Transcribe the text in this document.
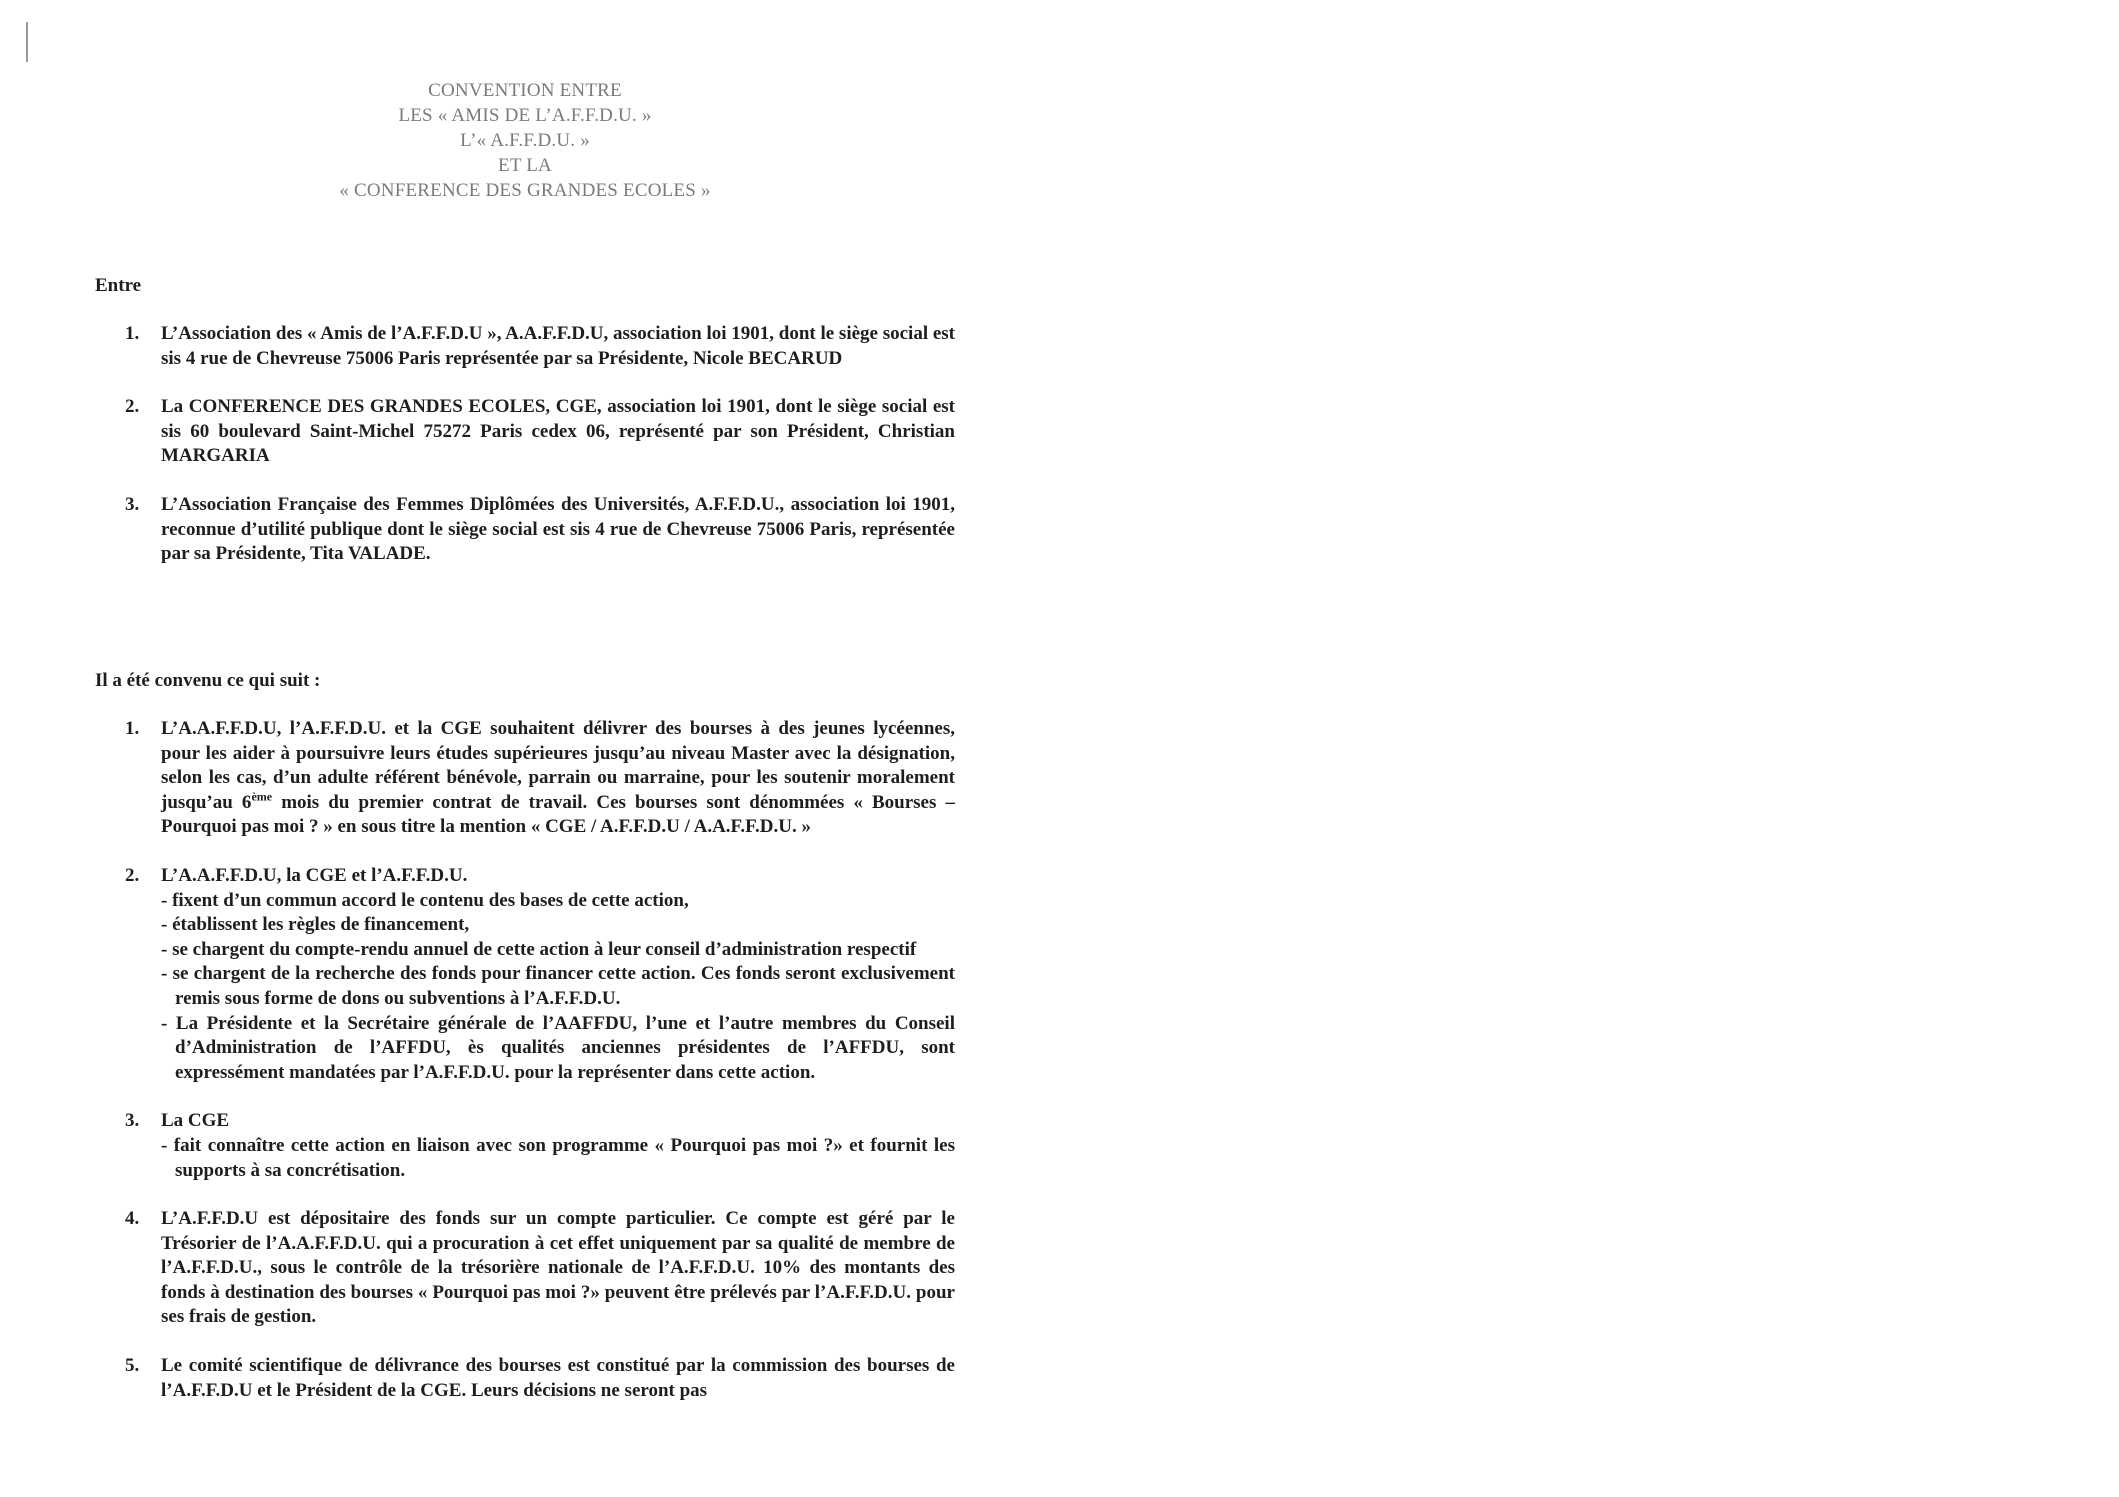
CONVENTION ENTRE
LES « AMIS DE L’A.F.F.D.U. »
L’« A.F.F.D.U. »
ET LA
« CONFERENCE DES GRANDES ECOLES »
Entre
1. L’Association des « Amis de l’A.F.F.D.U », A.A.F.F.D.U, association loi 1901, dont le siège social est sis 4 rue de Chevreuse 75006 Paris représentée par sa Présidente, Nicole BECARUD
2. La CONFERENCE DES GRANDES ECOLES, CGE, association loi 1901, dont le siège social est sis 60 boulevard Saint-Michel 75272 Paris cedex 06, représenté par son Président, Christian MARGARIA
3. L’Association Française des Femmes Diplômées des Universités, A.F.F.D.U., association loi 1901, reconnue d’utilité publique dont le siège social est sis 4 rue de Chevreuse 75006 Paris, représentée par sa Présidente, Tita VALADE.
Il a été convenu ce qui suit :
1. L’A.A.F.F.D.U, l’A.F.F.D.U. et la CGE souhaitent délivrer des bourses à des jeunes lycéennes, pour les aider à poursuivre leurs études supérieures jusqu’au niveau Master avec la désignation, selon les cas, d’un adulte référent bénévole, parrain ou marraine, pour les soutenir moralement jusqu’au 6ème mois du premier contrat de travail. Ces bourses sont dénommées « Bourses – Pourquoi pas moi ? » en sous titre la mention « CGE / A.F.F.D.U / A.A.F.F.D.U. »
2. L’A.A.F.F.D.U, la CGE et l’A.F.F.D.U.
- fixent d’un commun accord le contenu des bases de cette action,
- établissent les règles de financement,
- se chargent du compte-rendu annuel de cette action à leur conseil d’administration respectif
- se chargent de la recherche des fonds pour financer cette action. Ces fonds seront exclusivement remis sous forme de dons ou subventions à l’A.F.F.D.U.
- La Présidente et la Secrétaire générale de l’AAFFDU, l’une et l’autre membres du Conseil d’Administration de l’AFFDU, ès qualités anciennes présidentes de l’AFFDU, sont expressément mandatées par l’A.F.F.D.U. pour la représenter dans cette action.
3. La CGE
- fait connaître cette action en liaison avec son programme « Pourquoi pas moi ?» et fournit les supports à sa concrétisation.
4. L’A.F.F.D.U est dépositaire des fonds sur un compte particulier. Ce compte est géré par le Trésorier de l’A.A.F.F.D.U. qui a procuration à cet effet uniquement par sa qualité de membre de l’A.F.F.D.U., sous le contrôle de la trésorière nationale de l’A.F.F.D.U. 10% des montants des fonds à destination des bourses « Pourquoi pas moi ?» peuvent être prélevés par l’A.F.F.D.U. pour ses frais de gestion.
5. Le comité scientifique de délivrance des bourses est constitué par la commission des bourses de l’A.F.F.D.U et le Président de la CGE. Leurs décisions ne seront pas
